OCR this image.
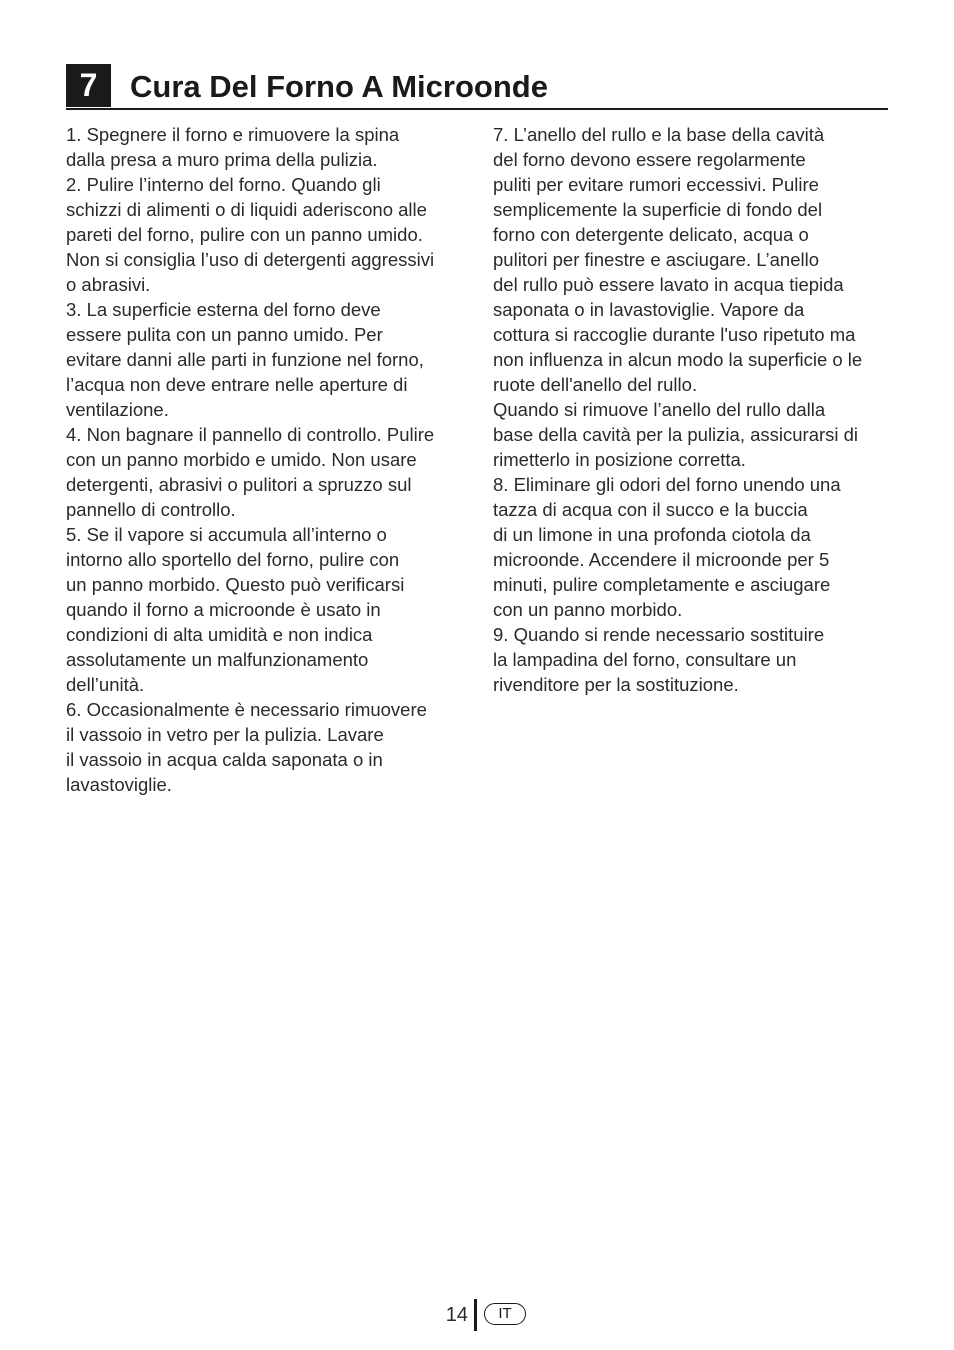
7	Cura Del Forno A Microonde

1. Spegnere il forno e rimuovere la spina
dalla presa a muro prima della pulizia.

2. Pulire l’interno del forno. Quando gli
schizzi di alimenti o di liquidi aderiscono alle
pareti del forno, pulire con un panno umido.
Non si consiglia l’uso di detergenti aggressivi
o abrasivi.

3. La superficie esterna del forno deve
essere pulita con un panno umido. Per
evitare danni alle parti in funzione nel forno,
l’acqua non deve entrare nelle aperture di
ventilazione.

4. Non bagnare il pannello di controllo. Pulire
con un panno morbido e umido. Non usare
detergenti, abrasivi o pulitori a spruzzo sul
pannello di controllo.

5. Se il vapore si accumula all’interno o
intorno allo sportello del forno, pulire con
un panno morbido. Questo può verificarsi
quando il forno a microonde è usato in
condizioni di alta umidità e non indica
assolutamente un malfunzionamento
dell’unità.

6. Occasionalmente è necessario rimuovere
il vassoio in vetro per la pulizia. Lavare
il vassoio in acqua calda saponata o in
lavastoviglie.

7. L’anello del rullo e la base della cavità
del forno devono essere regolarmente
puliti per evitare rumori eccessivi. Pulire
semplicemente la superficie di fondo del
forno con detergente delicato, acqua o
pulitori per finestre e asciugare. L’anello
del rullo può essere lavato in acqua tiepida
saponata o in lavastoviglie. Vapore da
cottura si raccoglie durante l'uso ripetuto ma
non influenza in alcun modo la superficie o le
ruote dell'anello del rullo.
Quando si rimuove l’anello del rullo dalla
base della cavità per la pulizia, assicurarsi di
rimetterlo in posizione corretta.

8. Eliminare gli odori del forno unendo una
tazza di acqua con il succo e la buccia
di un limone in una profonda ciotola da
microonde. Accendere il microonde per 5
minuti, pulire completamente e asciugare
con un panno morbido.

9. Quando si rende necessario sostituire
la lampadina del forno, consultare un
rivenditore per la sostituzione.

14	IT
